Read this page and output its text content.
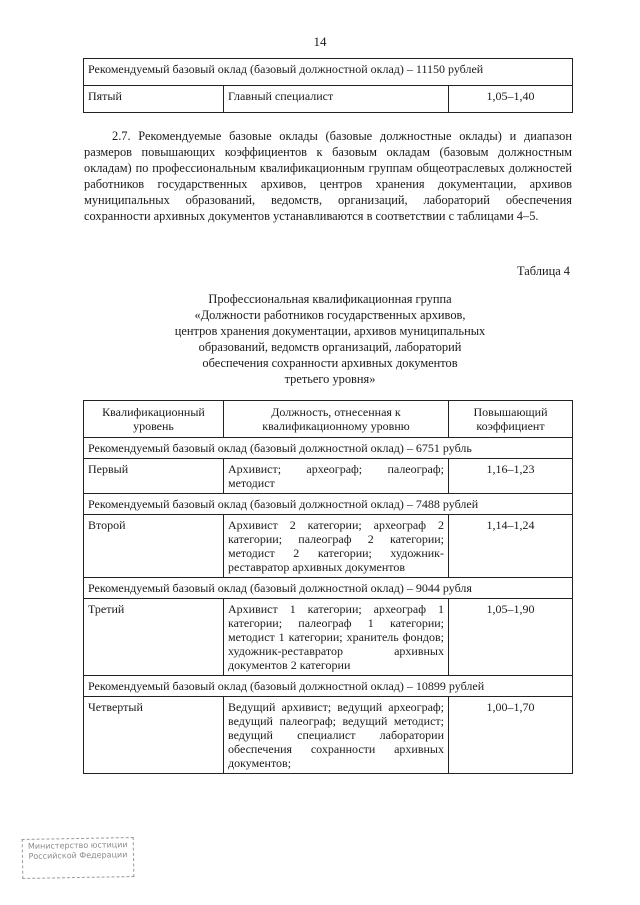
14
Рекомендуемый базовый оклад (базовый должностной оклад) – 11150 рублей
Пятый	Главный специалист	1,05–1,40

2.7. Рекомендуемые базовые оклады (базовые должностные оклады) и диапазон размеров повышающих коэффициентов к базовым окладам (базовым должностным окладам) по профессиональным квалификационным группам общеотраслевых должностей работников государственных архивов, центров хранения документации, архивов муниципальных образований, ведомств, организаций, лабораторий обеспечения сохранности архивных документов устанавливаются в соответствии с таблицами 4–5.

Таблица 4
Профессиональная квалификационная группа
«Должности работников государственных архивов,
центров хранения документации, архивов муниципальных
образований, ведомств организаций, лабораторий
обеспечения сохранности архивных документов
третьего уровня»
Квалификационный уровень	Должность, отнесенная к квалификационному уровню	Повышающий коэффициент
Рекомендуемый базовый оклад (базовый должностной оклад) – 6751 рубль		
Первый	Архивист; археограф; палеограф; методист	1,16–1,23
Рекомендуемый базовый оклад (базовый должностной оклад) – 7488 рублей		
Второй	Архивист 2 категории; археограф 2 категории; палеограф 2 категории; методист 2 категории; художник-реставратор архивных документов	1,14–1,24
Рекомендуемый базовый оклад (базовый должностной оклад) – 9044 рубля		
Третий	Архивист 1 категории; археограф 1 категории; палеограф 1 категории; методист 1 категории; хранитель фондов; художник-реставратор архивных документов 2 категории	1,05–1,90
Рекомендуемый базовый оклад (базовый должностной оклад) – 10899 рублей		
Четвертый	Ведущий архивист; ведущий археограф; ведущий палеограф; ведущий методист; ведущий специалист лаборатории обеспечения сохранности архивных документов;	1,00–1,70
Министерство юстиции Российской Федерации
